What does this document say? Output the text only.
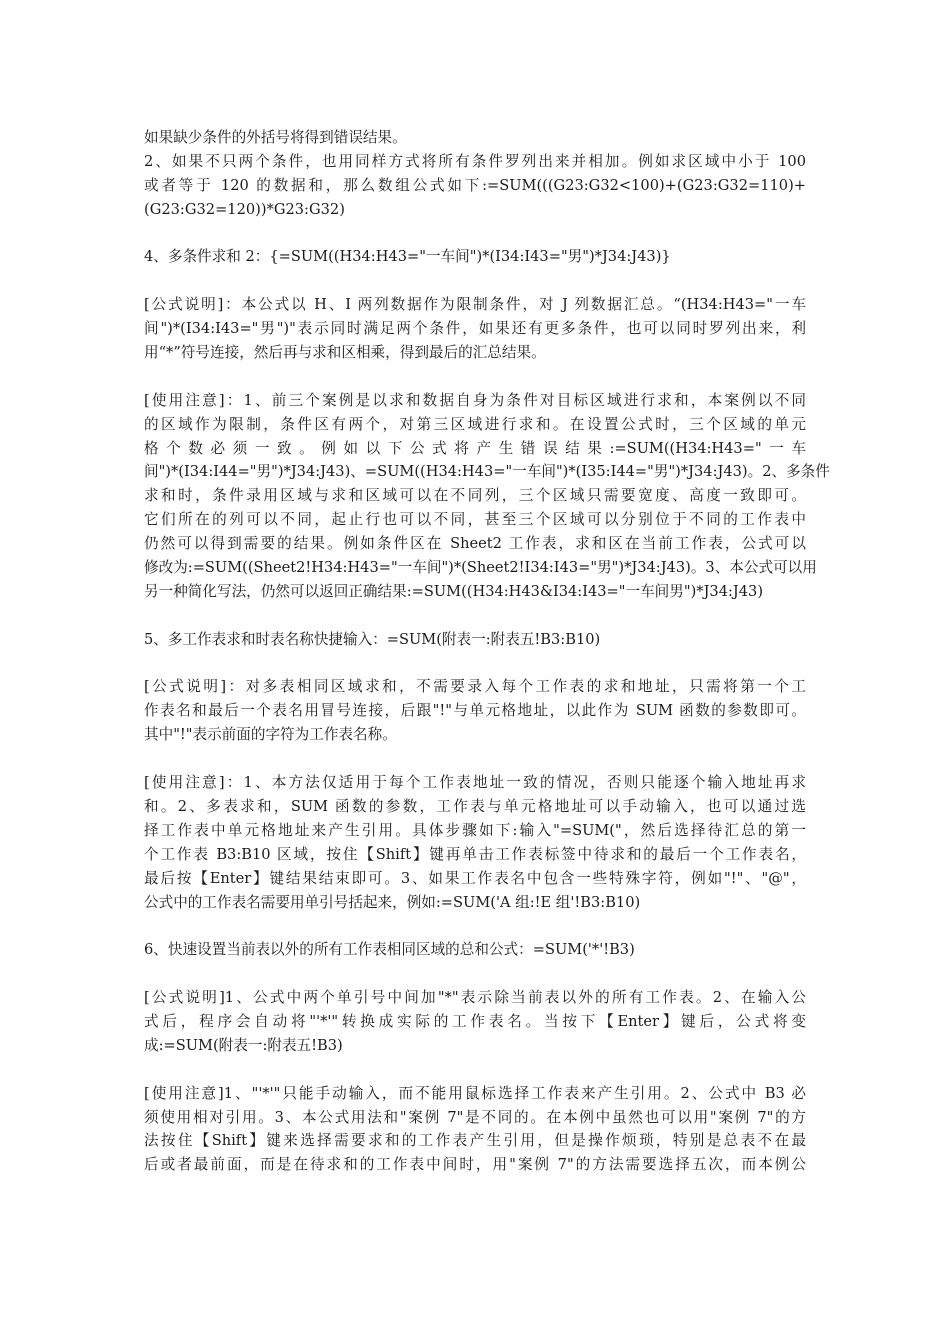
如果缺少条件的外括号将得到错误结果。
2、如果不只两个条件，也用同样方式将所有条件罗列出来并相加。例如求区域中小于 100
或者等于 120 的数据和，那么数组公式如下:=SUM(((G23:G32<100)+(G23:G32=110)+
(G23:G32=120))*G23:G32)
4、多条件求和 2：{=SUM((H34:H43="一车间")*(I34:I43="男")*J34:J43)}
[公式说明]：本公式以 H、I 两列数据作为限制条件，对 J 列数据汇总。“(H34:H43="一车
间")*(I34:I43="男")"表示同时满足两个条件，如果还有更多条件，也可以同时罗列出来，利
用“*”符号连接，然后再与求和区相乘，得到最后的汇总结果。
[使用注意]：1、前三个案例是以求和数据自身为条件对目标区域进行求和，本案例以不同
的区域作为限制，条件区有两个，对第三区域进行求和。在设置公式时，三个区域的单元
格个数必须一致。例如以下公式将产生错误结果:=SUM((H34:H43="一车
间")*(I34:I44="男")*J34:J43)、=SUM((H34:H43="一车间")*(I35:I44="男")*J34:J43)。2、多条件
求和时，条件录用区域与求和区域可以在不同列，三个区域只需要宽度、高度一致即可。
它们所在的列可以不同，起止行也可以不同，甚至三个区域可以分别位于不同的工作表中
仍然可以得到需要的结果。例如条件区在 Sheet2 工作表，求和区在当前工作表，公式可以
修改为:=SUM((Sheet2!H34:H43="一车间")*(Sheet2!I34:I43="男")*J34:J43)。3、本公式可以用
另一种简化写法，仍然可以返回正确结果:=SUM((H34:H43&I34:I43="一车间男")*J34:J43)
5、多工作表求和时表名称快捷输入：=SUM(附表一:附表五!B3:B10)
[公式说明]：对多表相同区域求和，不需要录入每个工作表的求和地址，只需将第一个工
作表名和最后一个表名用冒号连接，后跟"!"与单元格地址，以此作为 SUM 函数的参数即可。
其中"!"表示前面的字符为工作表名称。
[使用注意]：1、本方法仅适用于每个工作表地址一致的情况，否则只能逐个输入地址再求
和。2、多表求和，SUM 函数的参数，工作表与单元格地址可以手动输入，也可以通过选
择工作表中单元格地址来产生引用。具体步骤如下:输入"=SUM("，然后选择待汇总的第一
个工作表 B3:B10 区域，按住【Shift】键再单击工作表标签中待求和的最后一个工作表名，
最后按【Enter】键结果结束即可。3、如果工作表名中包含一些特殊字符，例如"!"、"@"，
公式中的工作表名需要用单引号括起来，例如:=SUM('A 组:!E 组'!B3:B10)
6、快速设置当前表以外的所有工作表相同区域的总和公式：=SUM('*'!B3)
[公式说明]1、公式中两个单引号中间加"*"表示除当前表以外的所有工作表。2、在输入公
式后，程序会自动将"'*'"转换成实际的工作表名。当按下【Enter】键后，公式将变
成:=SUM(附表一:附表五!B3)
[使用注意]1、"'*'"只能手动输入，而不能用鼠标选择工作表来产生引用。2、公式中 B3 必
须使用相对引用。3、本公式用法和"案例 7"是不同的。在本例中虽然也可以用"案例 7"的方
法按住【Shift】键来选择需要求和的工作表产生引用，但是操作烦琐，特别是总表不在最
后或者最前面，而是在待求和的工作表中间时，用"案例 7"的方法需要选择五次，而本例公
